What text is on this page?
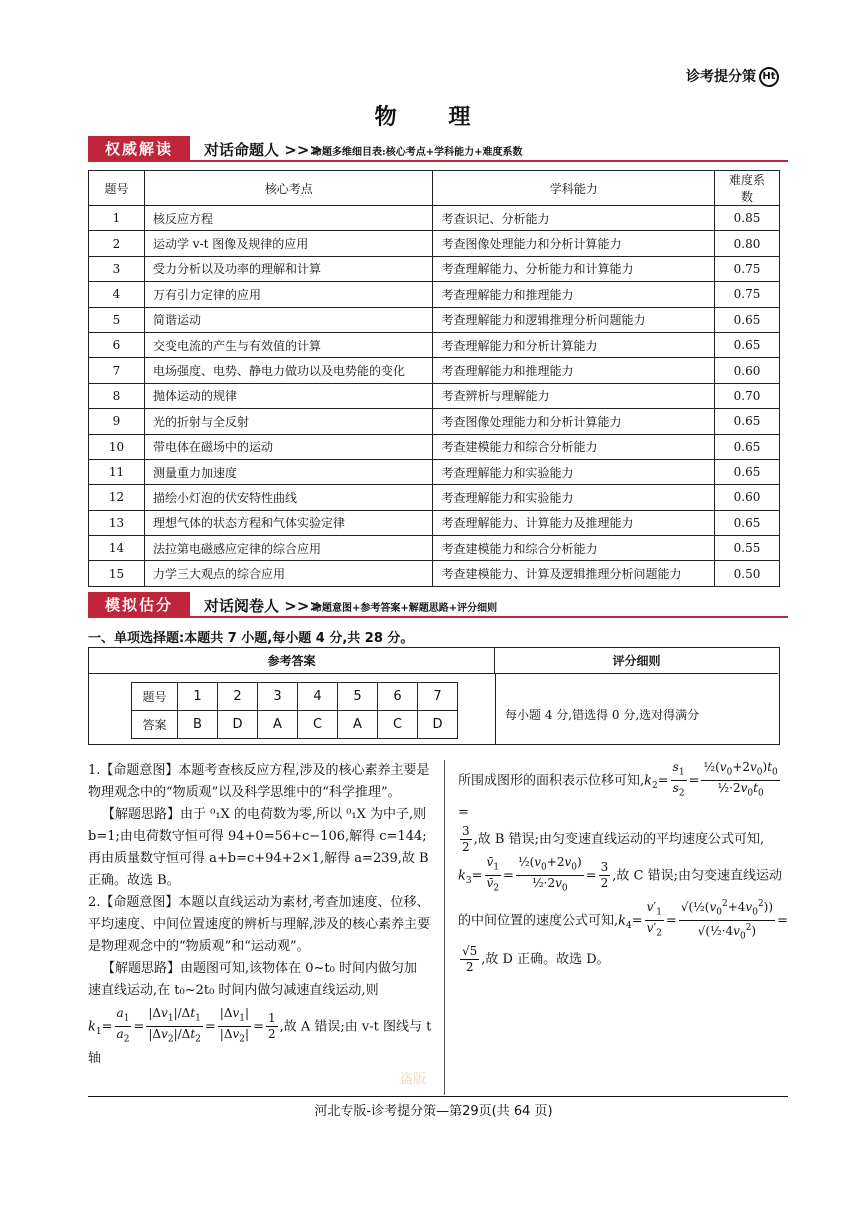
诊考提分策 Ht
物 理
权威解读	对话命题人 >>>
命题多维细目表:核心考点+学科能力+难度系数
题号	核心考点	学科能力	难度系数
1	核反应方程	考查识记、分析能力	0.85
2	运动学 v-t 图像及规律的应用	考查图像处理能力和分析计算能力	0.80
3	受力分析以及功率的理解和计算	考查理解能力、分析能力和计算能力	0.75
4	万有引力定律的应用	考查理解能力和推理能力	0.75
5	简谐运动	考查理解能力和逻辑推理分析问题能力	0.65
6	交变电流的产生与有效值的计算	考查理解能力和分析计算能力	0.65
7	电场强度、电势、静电力做功以及电势能的变化	考查理解能力和推理能力	0.60
8	抛体运动的规律	考查辨析与理解能力	0.70
9	光的折射与全反射	考查图像处理能力和分析计算能力	0.65
10	带电体在磁场中的运动	考查建模能力和综合分析能力	0.65
11	测量重力加速度	考查理解能力和实验能力	0.65
12	描绘小灯泡的伏安特性曲线	考查理解能力和实验能力	0.60
13	理想气体的状态方程和气体实验定律	考查理解能力、计算能力及推理能力	0.65
14	法拉第电磁感应定律的综合应用	考查建模能力和综合分析能力	0.55
15	力学三大观点的综合应用	考查建模能力、计算及逻辑推理分析问题能力	0.50
模拟估分	对话阅卷人 >>>
命题意图+参考答案+解题思路+评分细则
一、单项选择题:本题共 7 小题,每小题 4 分,共 28 分。
参考答案	评分细则
题号	1	2	3	4	5	6	7
答案	B	D	A	C	A	C	D
每小题 4 分,错选得 0 分,选对得满分

1.【命题意图】本题考查核反应方程,涉及的核心素养主要是物理观念中的“物质观”以及科学思维中的“科学推理”。

【解题思路】由于 ⁰₁X 的电荷数为零,所以 ⁰₁X 为中子,则

b=1;由电荷数守恒可得 94+0=56+c−106,解得 c=144;

再由质量数守恒可得 a+b=c+94+2×1,解得 a=239,故 B

正确。故选 B。

2.【命题意图】本题以直线运动为素材,考查加速度、位移、平均速度、中间位置速度的辨析与理解,涉及的核心素养主要是物理观念中的“物质观”和“运动观”。

【解题思路】由题图可知,该物体在 0~t₀ 时间内做匀加

速直线运动,在 t₀~2t₀ 时间内做匀减速直线运动,则

$k_1= \frac{a_1}{a_2} = \frac{|\Delta v_1|/\Delta t_1}{|\Delta v_2|/\Delta t_2} = \frac{|\Delta v_1|}{|\Delta v_2|} = \frac{1}{2}$ ,故 A 错误;由 v-t 图线与 t 轴

所围成图形的面积表示位移可知$,k_2= \frac{s_1}{s_2} = \frac{\frac{1}{2}(v_0+2v_0)t_0}{\frac{1}{2}\cdot 2v_0t_0}$
=

$\frac{3}{2}$ ,故 B 错误;由匀变速直线运动的平均速度公式可知,

$k_3= \frac{v̄_1}{v̄_2} = \frac{\frac{1}{2}(v_0+2v_0)}{\frac{1}{2}\cdot 2v_0} = \frac{3}{2}$ ,故 C 错误;由匀变速直线运动

的中间位置的速度公式可知$,k_4= \frac{v'_1}{v'_2} = \frac{√(\frac{1}{2}(v_0^2+4v_0^2))}{√(\frac{1}{2}\cdot 4v_0^2)}$ =

$\frac{√5}{2}$ ,故 D 正确。故选 D。

盗版
河北专版-诊考提分策—第29页(共 64 页)
